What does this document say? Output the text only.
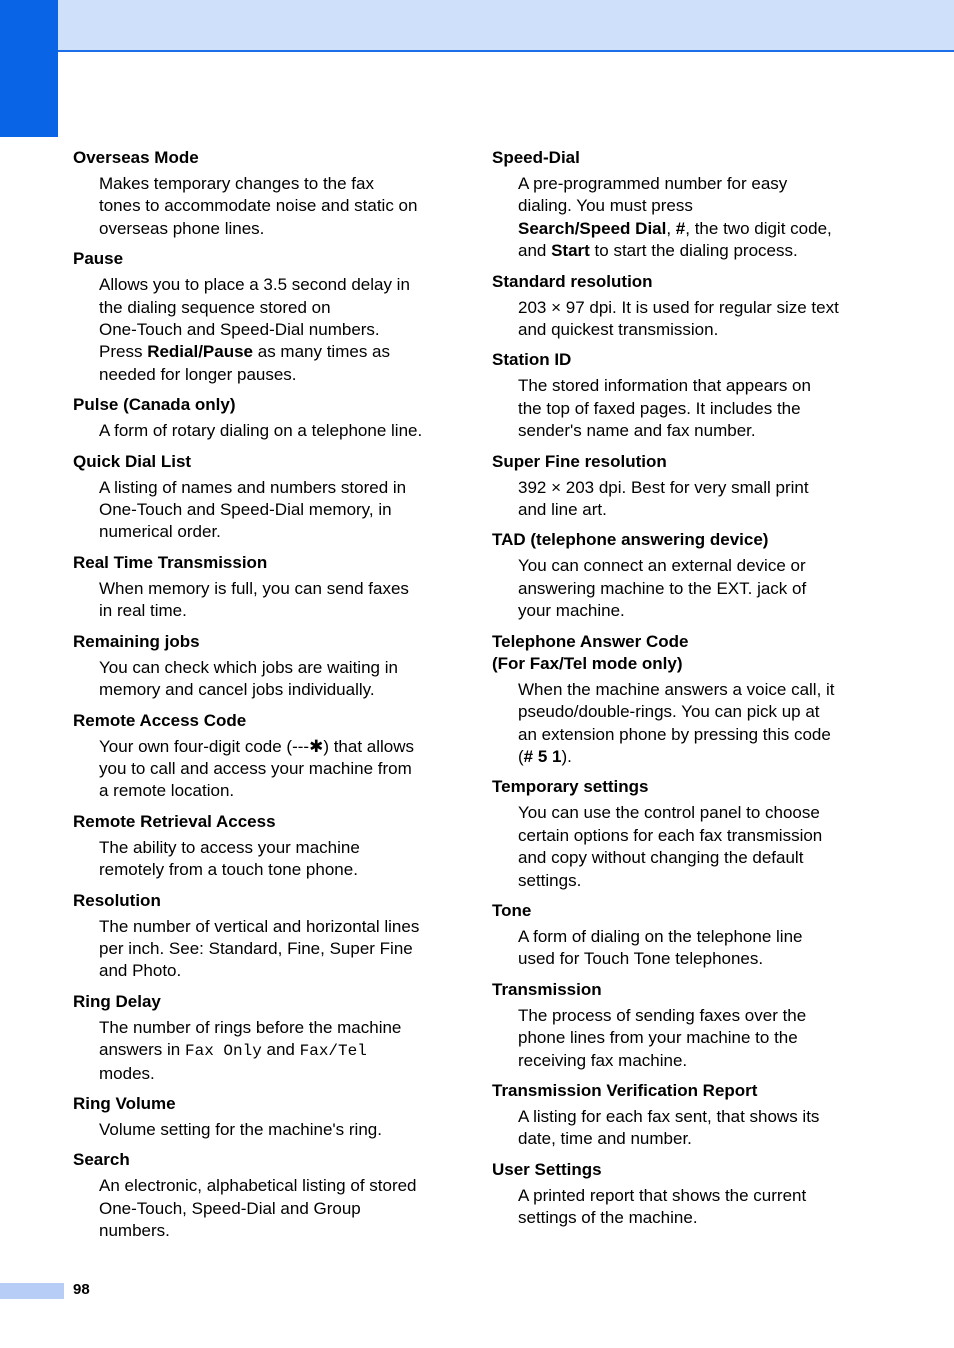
Overseas Mode
Makes temporary changes to the fax
tones to accommodate noise and static on
overseas phone lines.
Pause
Allows you to place a 3.5 second delay in
the dialing sequence stored on
One-Touch and Speed-Dial numbers.
Press Redial/Pause as many times as
needed for longer pauses.
Pulse (Canada only)
A form of rotary dialing on a telephone line.
Quick Dial List
A listing of names and numbers stored in
One-Touch and Speed-Dial memory, in
numerical order.
Real Time Transmission
When memory is full, you can send faxes
in real time.
Remaining jobs
You can check which jobs are waiting in
memory and cancel jobs individually.
Remote Access Code
Your own four-digit code (---✱) that allows
you to call and access your machine from
a remote location.
Remote Retrieval Access
The ability to access your machine
remotely from a touch tone phone.
Resolution
The number of vertical and horizontal lines
per inch. See: Standard, Fine, Super Fine
and Photo.
Ring Delay
The number of rings before the machine
answers in Fax Only and Fax/Tel
modes.
Ring Volume
Volume setting for the machine's ring.
Search
An electronic, alphabetical listing of stored
One-Touch, Speed-Dial and Group
numbers.
Speed-Dial
A pre-programmed number for easy
dialing. You must press
Search/Speed Dial, #, the two digit code,
and Start to start the dialing process.
Standard resolution
203 × 97 dpi. It is used for regular size text
and quickest transmission.
Station ID
The stored information that appears on
the top of faxed pages. It includes the
sender's name and fax number.
Super Fine resolution
392 × 203 dpi. Best for very small print
and line art.
TAD (telephone answering device)
You can connect an external device or
answering machine to the EXT. jack of
your machine.
Telephone Answer Code
(For Fax/Tel mode only)
When the machine answers a voice call, it
pseudo/double-rings. You can pick up at
an extension phone by pressing this code
(# 5 1).
Temporary settings
You can use the control panel to choose
certain options for each fax transmission
and copy without changing the default
settings.
Tone
A form of dialing on the telephone line
used for Touch Tone telephones.
Transmission
The process of sending faxes over the
phone lines from your machine to the
receiving fax machine.
Transmission Verification Report
A listing for each fax sent, that shows its
date, time and number.
User Settings
A printed report that shows the current
settings of the machine.
98
